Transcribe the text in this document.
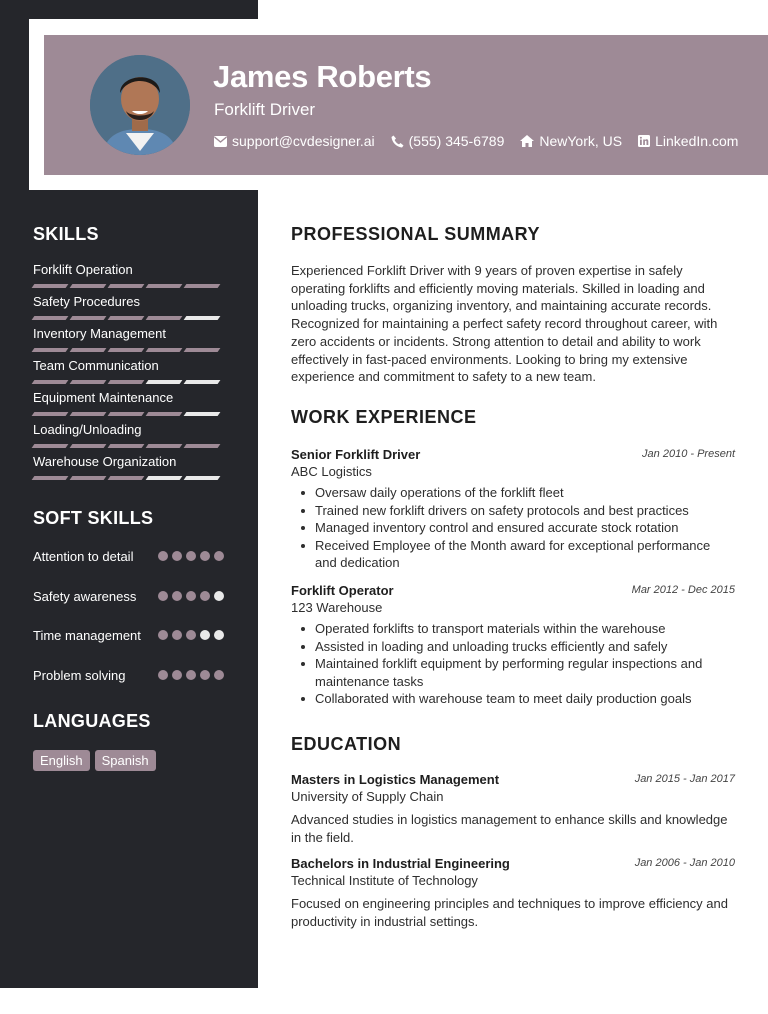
James Roberts
Forklift Driver
support@cvdesigner.ai (555) 345-6789	NewYork, US LinkedIn.com
SKILLS
Forklift Operation
Safety Procedures
Inventory Management
Team Communication
Equipment Maintenance
Loading/Unloading
Warehouse Organization
SOFT SKILLS
Attention to detail
Safety awareness
Time management
Problem solving
LANGUAGES
English	Spanish
PROFESSIONAL SUMMARY
Experienced Forklift Driver with 9 years of proven expertise in safely operating forklifts and efficiently moving materials. Skilled in loading and unloading trucks, organizing inventory, and maintaining accurate records. Recognized for maintaining a perfect safety record throughout career, with zero accidents or incidents. Strong attention to detail and ability to work effectively in fast-paced environments. Looking to bring my extensive experience and commitment to safety to a new team.
WORK EXPERIENCE
Jan 2010 - Present
Senior Forklift Driver
ABC Logistics
Oversaw daily operations of the forklift fleet
Trained new forklift drivers on safety protocols and best practices
Managed inventory control and ensured accurate stock rotation
Received Employee of the Month award for exceptional performance and dedication
Mar 2012 - Dec 2015
Forklift Operator
123 Warehouse
Operated forklifts to transport materials within the warehouse
Assisted in loading and unloading trucks efficiently and safely
Maintained forklift equipment by performing regular inspections and maintenance tasks
Collaborated with warehouse team to meet daily production goals
EDUCATION
Jan 2015 - Jan 2017
Masters in Logistics Management
University of Supply Chain
Advanced studies in logistics management to enhance skills and knowledge in the field.
Jan 2006 - Jan 2010
Bachelors in Industrial Engineering
Technical Institute of Technology
Focused on engineering principles and techniques to improve efficiency and productivity in industrial settings.
